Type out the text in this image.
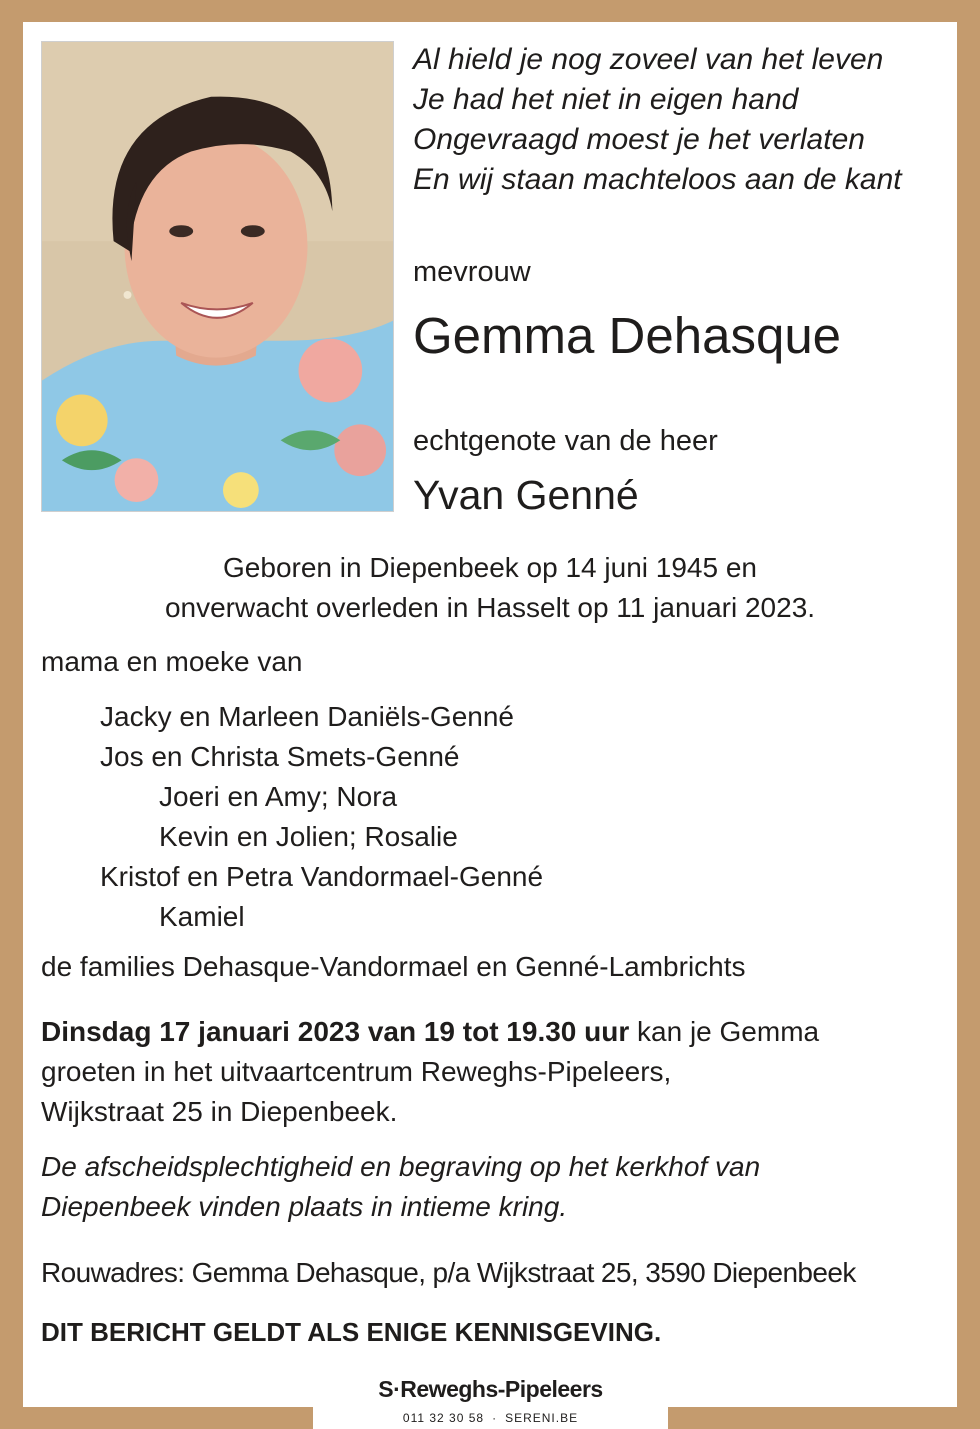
Al hield je nog zoveel van het leven
Je had het niet in eigen hand
Ongevraagd moest je het verlaten
En wij staan machteloos aan de kant
mevrouw
Gemma Dehasque
echtgenote van de heer
Yvan Genné
Geboren in Diepenbeek op 14 juni 1945 en
onverwacht overleden in Hasselt op 11 januari 2023.
mama en moeke van
Jacky en Marleen Daniëls-Genné
Jos en Christa Smets-Genné
Joeri en Amy; Nora
Kevin en Jolien; Rosalie
Kristof en Petra Vandormael-Genné
Kamiel
de families Dehasque-Vandormael en Genné-Lambrichts
Dinsdag 17 januari 2023 van 19 tot 19.30 uur kan je Gemma
groeten in het uitvaartcentrum Reweghs-Pipeleers,
Wijkstraat 25 in Diepenbeek.
De afscheidsplechtigheid en begraving op het kerkhof van
Diepenbeek vinden plaats in intieme kring.
Rouwadres: Gemma Dehasque, p/a Wijkstraat 25, 3590 Diepenbeek
DIT BERICHT GELDT ALS ENIGE KENNISGEVING.
S·Reweghs-Pipeleers
011 32 30 58 · SERENI.BE
